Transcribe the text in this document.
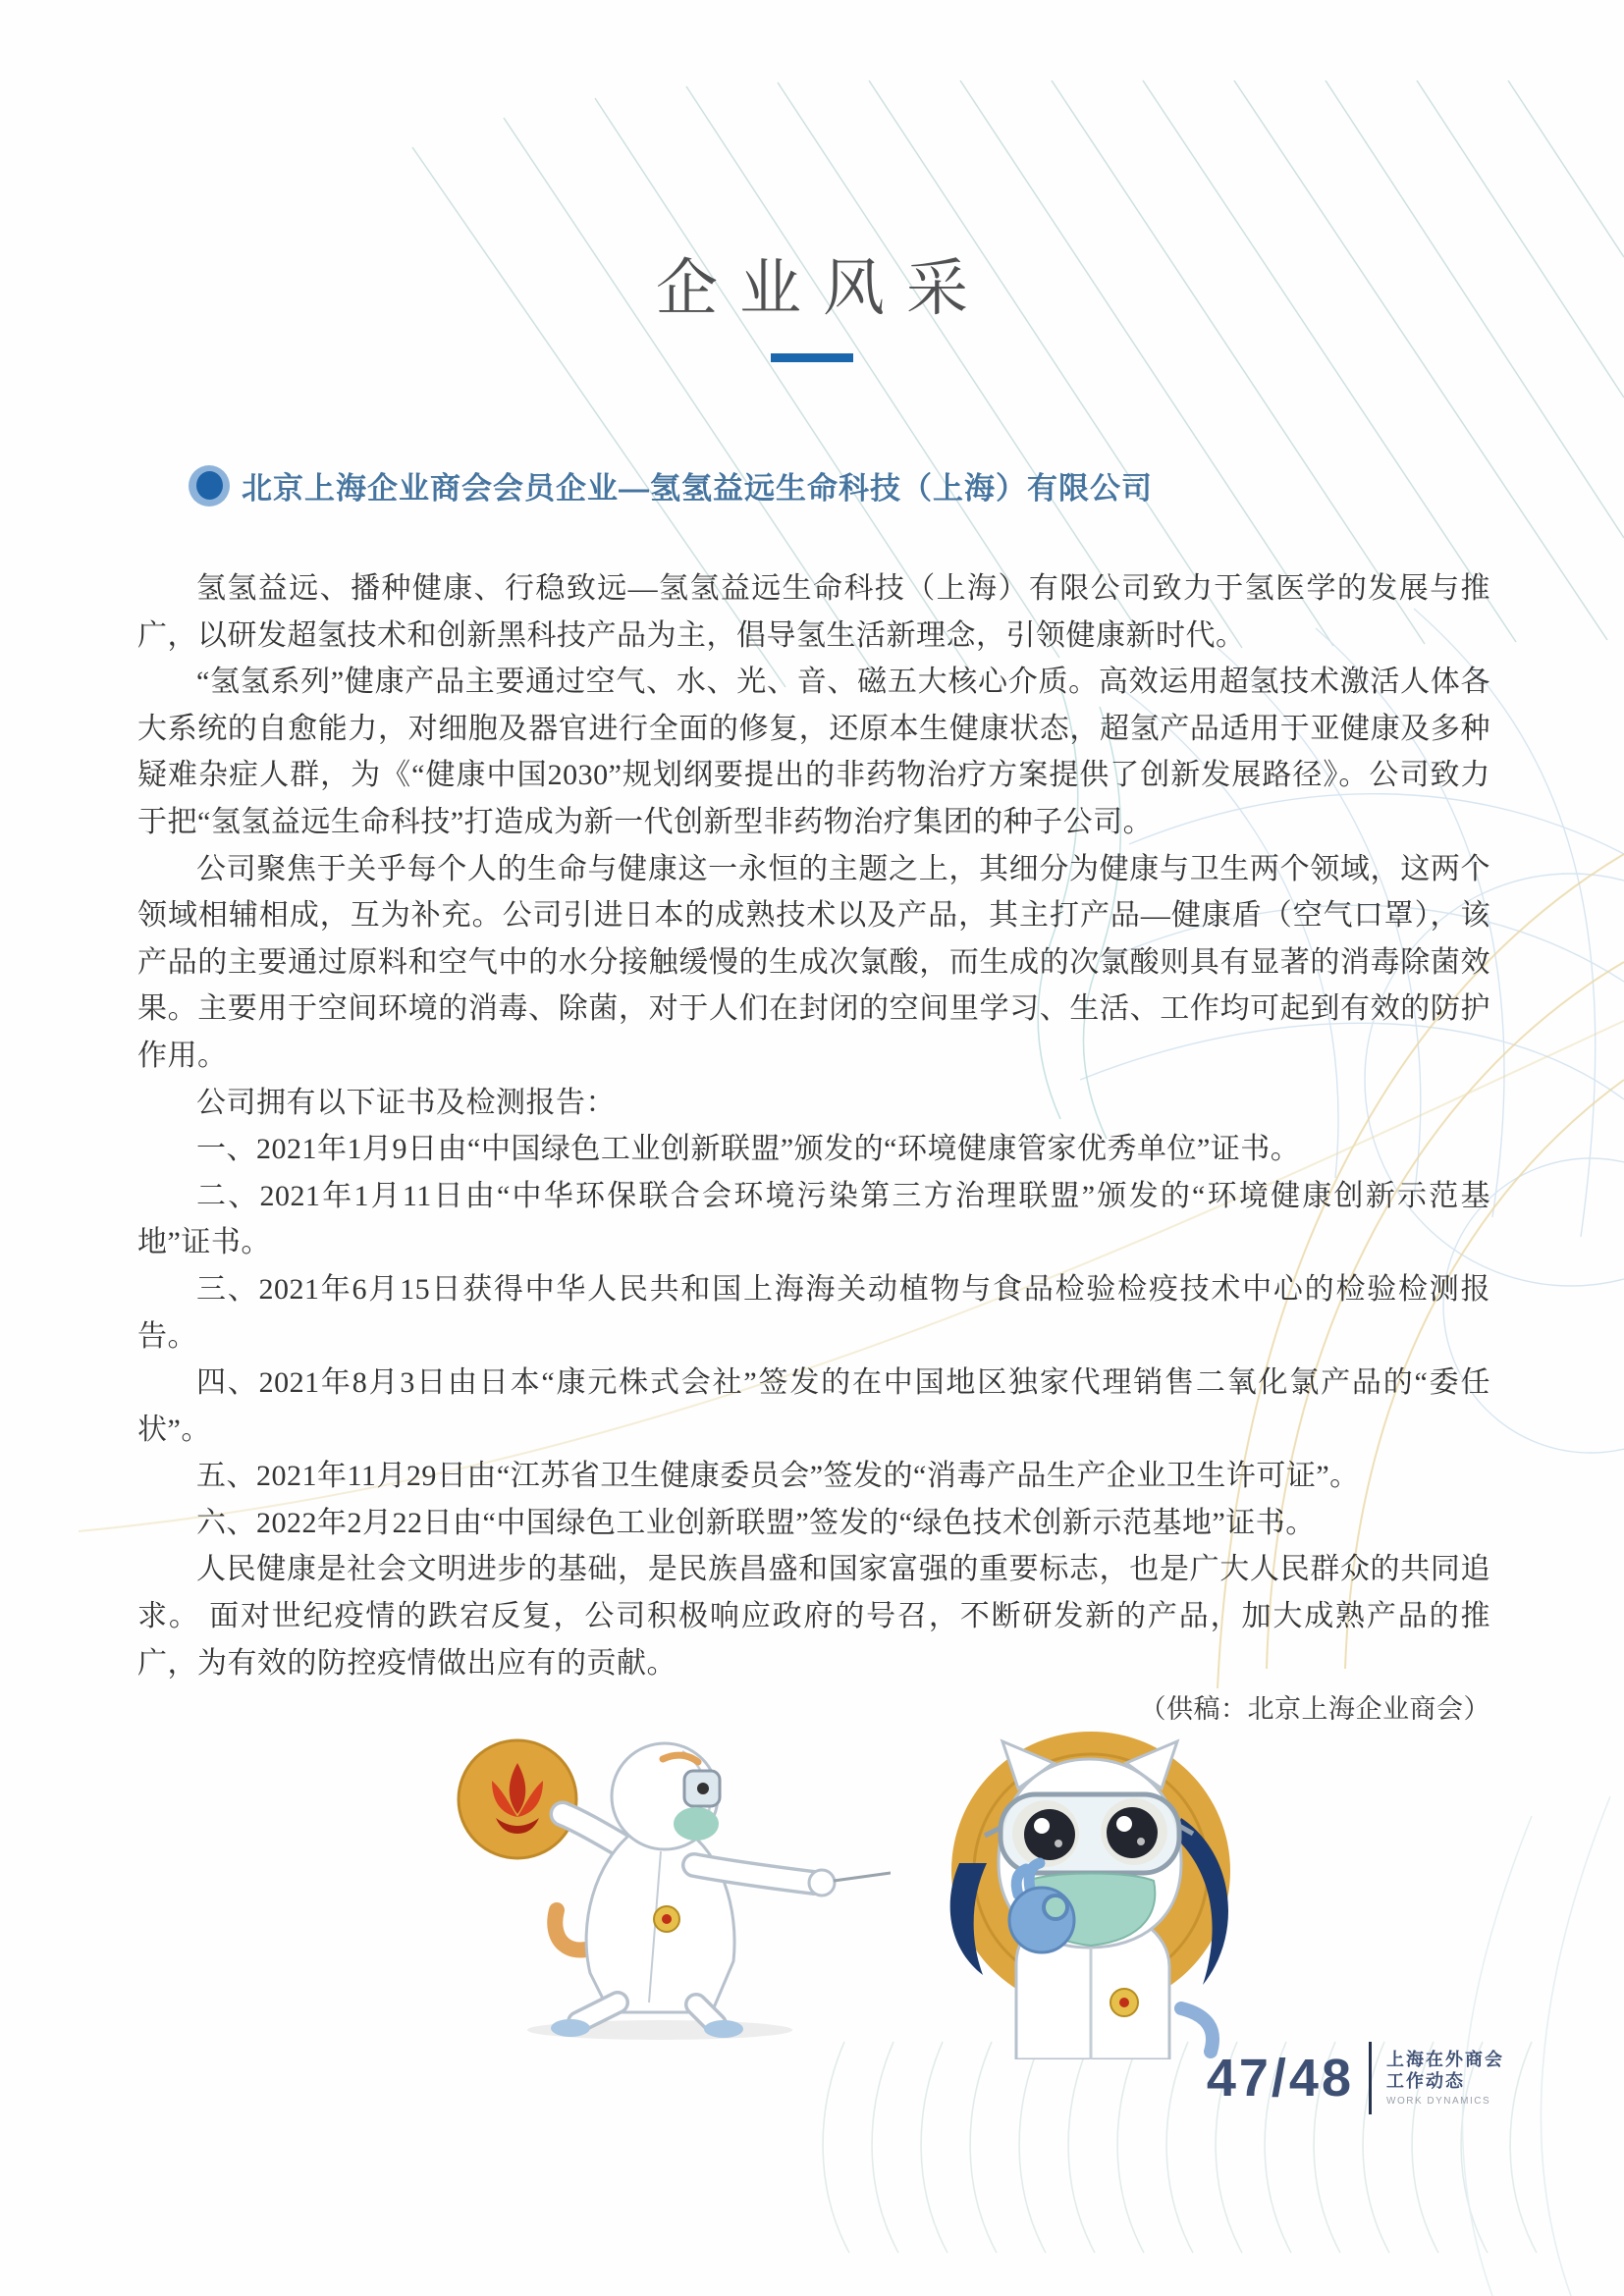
企业风采
北京上海企业商会会员企业—氢氢益远生命科技（上海）有限公司

氢氢益远、播种健康、行稳致远—氢氢益远生命科技（上海）有限公司致力于氢医学的发展与推广，以研发超氢技术和创新黑科技产品为主，倡导氢生活新理念，引领健康新时代。

“氢氢系列”健康产品主要通过空气、水、光、音、磁五大核心介质。高效运用超氢技术激活人体各大系统的自愈能力，对细胞及器官进行全面的修复，还原本生健康状态，超氢产品适用于亚健康及多种疑难杂症人群，为《“健康中国2030”规划纲要提出的非药物治疗方案提供了创新发展路径》。公司致力于把“氢氢益远生命科技”打造成为新一代创新型非药物治疗集团的种子公司。

公司聚焦于关乎每个人的生命与健康这一永恒的主题之上，其细分为健康与卫生两个领域，这两个领域相辅相成，互为补充。公司引进日本的成熟技术以及产品，其主打产品—健康盾（空气口罩），该产品的主要通过原料和空气中的水分接触缓慢的生成次氯酸，而生成的次氯酸则具有显著的消毒除菌效果。主要用于空间环境的消毒、除菌，对于人们在封闭的空间里学习、生活、工作均可起到有效的防护作用。

公司拥有以下证书及检测报告：

一、2021年1月9日由“中国绿色工业创新联盟”颁发的“环境健康管家优秀单位”证书。

二、2021年1月11日由“中华环保联合会环境污染第三方治理联盟”颁发的“环境健康创新示范基地”证书。

三、2021年6月15日获得中华人民共和国上海海关动植物与食品检验检疫技术中心的检验检测报告。

四、2021年8月3日由日本“康元株式会社”签发的在中国地区独家代理销售二氧化氯产品的“委任状”。

五、2021年11月29日由“江苏省卫生健康委员会”签发的“消毒产品生产企业卫生许可证”。

六、2022年2月22日由“中国绿色工业创新联盟”签发的“绿色技术创新示范基地”证书。

人民健康是社会文明进步的基础，是民族昌盛和国家富强的重要标志，也是广大人民群众的共同追求。 面对世纪疫情的跌宕反复，公司积极响应政府的号召，不断研发新的产品，加大成熟产品的推广，为有效的防控疫情做出应有的贡献。

（供稿：北京上海企业商会）

47/48 上海在外商会
工作动态
WORK DYNAMICS
